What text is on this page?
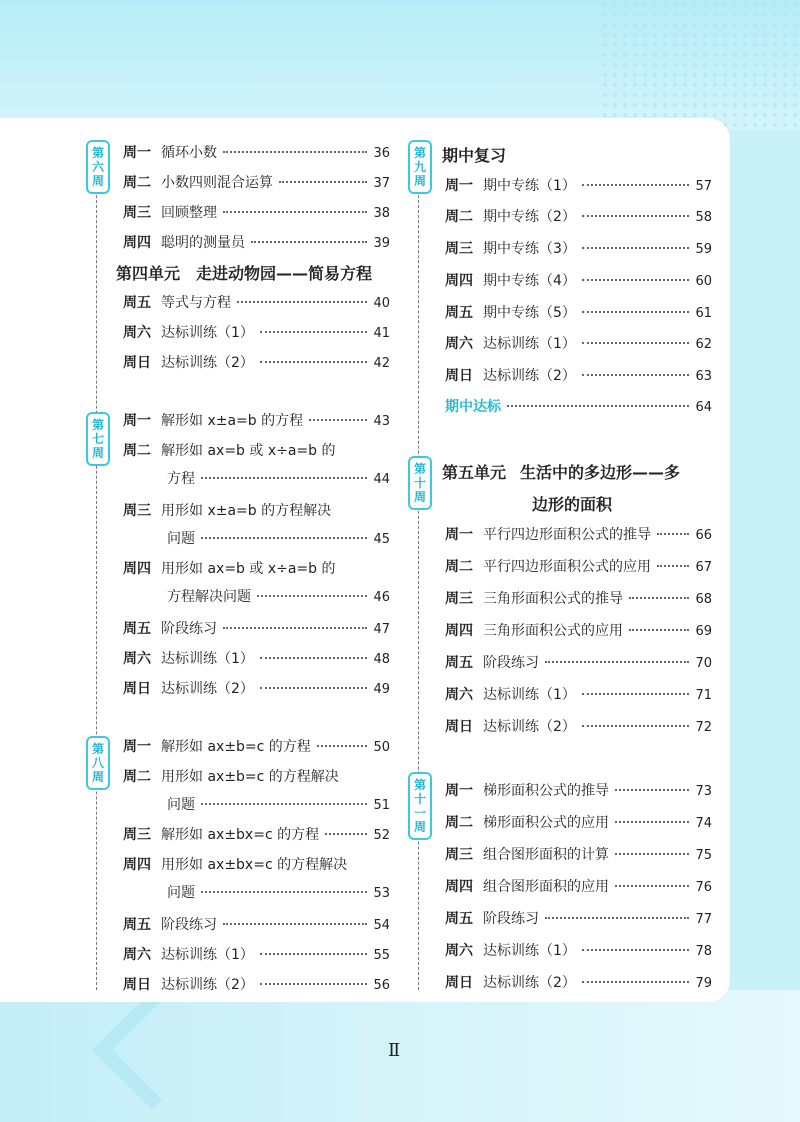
第六周
第七周
第八周
周一 循环小数	36
周二 小数四则混合运算	37
周三 回顾整理	38
周四 聪明的测量员	39
第四单元 走进动物园——简易方程
周五 等式与方程	40
周六 达标训练（1）	41
周日 达标训练（2）	42
周一 解形如 x±a=b 的方程	43
周二 解形如 ax=b 或 x÷a=b 的
方程	44
周三 用形如 x±a=b 的方程解决
问题	45
周四 用形如 ax=b 或 x÷a=b 的
方程解决问题	46
周五 阶段练习	47
周六 达标训练（1）	48
周日 达标训练（2）	49
周一 解形如 ax±b=c 的方程	50
周二 用形如 ax±b=c 的方程解决
问题	51
周三 解形如 ax±bx=c 的方程	52
周四 用形如 ax±bx=c 的方程解决
问题	53
周五 阶段练习	54
周六 达标训练（1）	55
周日 达标训练（2）	56
第九周
第十周
第十一周
期中复习
周一 期中专练（1）	57
周二 期中专练（2）	58
周三 期中专练（3）	59
周四 期中专练（4）	60
周五 期中专练（5）	61
周六 达标训练（1）	62
周日 达标训练（2）	63
期中达标	64
第五单元 生活中的多边形——多
边形的面积
周一 平行四边形面积公式的推导	66
周二 平行四边形面积公式的应用	67
周三 三角形面积公式的推导	68
周四 三角形面积公式的应用	69
周五 阶段练习	70
周六 达标训练（1）	71
周日 达标训练（2）	72
周一 梯形面积公式的推导	73
周二 梯形面积公式的应用	74
周三 组合图形面积的计算	75
周四 组合图形面积的应用	76
周五 阶段练习	77
周六 达标训练（1）	78
周日 达标训练（2）	79
Ⅱ
